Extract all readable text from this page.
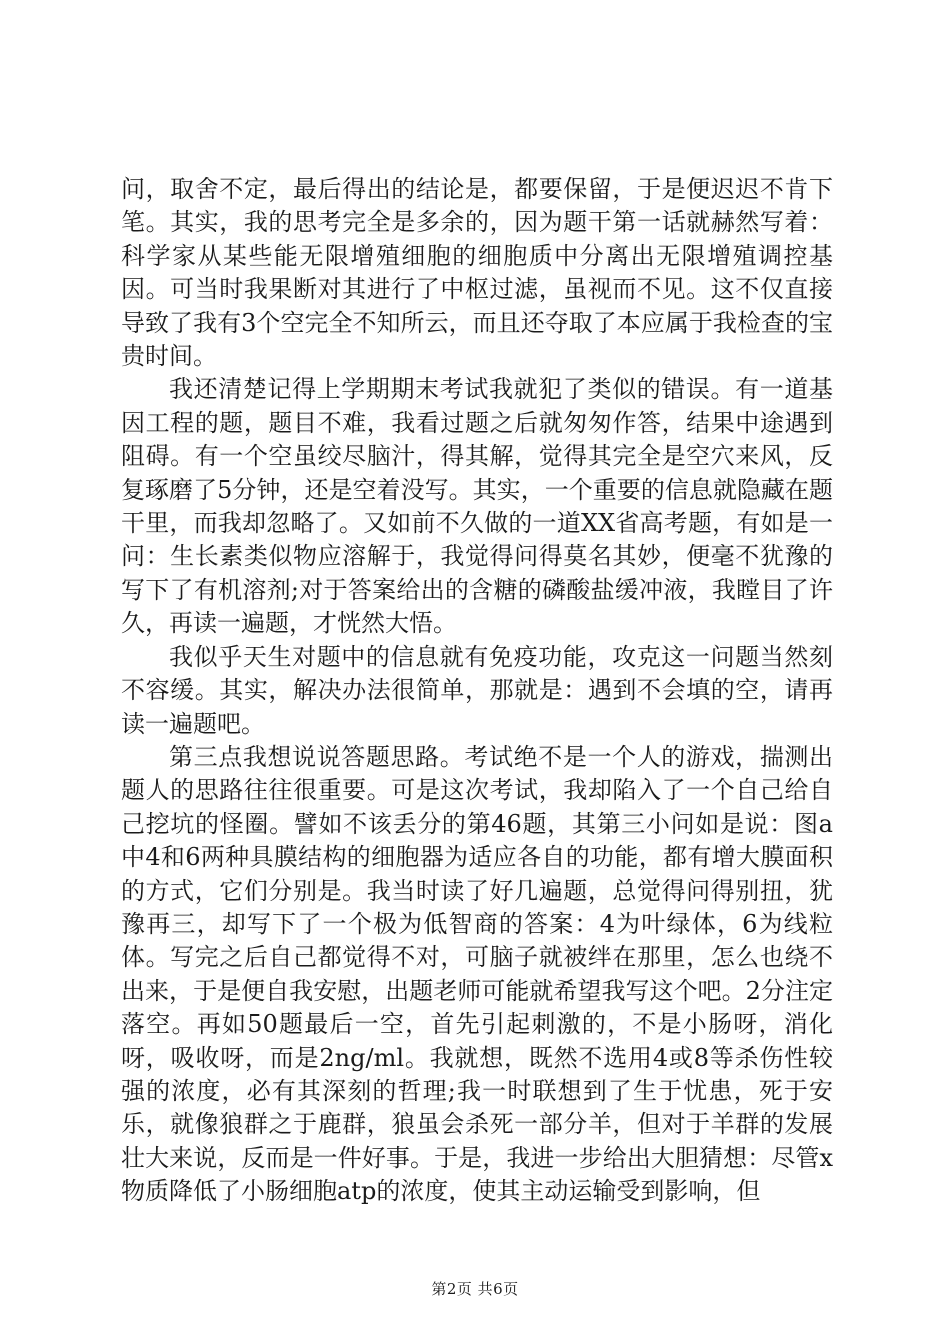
问，取舍不定，最后得出的结论是，都要保留，于是便迟迟不肯下笔。其实，我的思考完全是多余的，因为题干第一话就赫然写着：科学家从某些能无限增殖细胞的细胞质中分离出无限增殖调控基因。可当时我果断对其进行了中枢过滤，虽视而不见。这不仅直接导致了我有3个空完全不知所云，而且还夺取了本应属于我检查的宝贵时间。

我还清楚记得上学期期末考试我就犯了类似的错误。有一道基因工程的题，题目不难，我看过题之后就匆匆作答，结果中途遇到阻碍。有一个空虽绞尽脑汁，得其解，觉得其完全是空穴来风，反复琢磨了5分钟，还是空着没写。其实，一个重要的信息就隐藏在题干里，而我却忽略了。又如前不久做的一道XX省高考题，有如是一问：生长素类似物应溶解于，我觉得问得莫名其妙，便毫不犹豫的写下了有机溶剂;对于答案给出的含糖的磷酸盐缓冲液，我瞠目了许久，再读一遍题，才恍然大悟。

我似乎天生对题中的信息就有免疫功能，攻克这一问题当然刻不容缓。其实，解决办法很简单，那就是：遇到不会填的空，请再读一遍题吧。

第三点我想说说答题思路。考试绝不是一个人的游戏，揣测出题人的思路往往很重要。可是这次考试，我却陷入了一个自己给自己挖坑的怪圈。譬如不该丢分的第46题，其第三小问如是说：图a中4和6两种具膜结构的细胞器为适应各自的功能，都有增大膜面积的方式，它们分别是。我当时读了好几遍题，总觉得问得别扭，犹豫再三，却写下了一个极为低智商的答案：4为叶绿体，6为线粒体。写完之后自己都觉得不对，可脑子就被绊在那里，怎么也绕不出来，于是便自我安慰，出题老师可能就希望我写这个吧。2分注定落空。再如50题最后一空，首先引起刺激的，不是小肠呀，消化呀，吸收呀，而是2ng/ml。我就想，既然不选用4或8等杀伤性较强的浓度，必有其深刻的哲理;我一时联想到了生于忧患，死于安乐，就像狼群之于鹿群，狼虽会杀死一部分羊，但对于羊群的发展壮大来说，反而是一件好事。于是，我进一步给出大胆猜想：尽管x物质降低了小肠细胞atp的浓度，使其主动运输受到影响，但

第2页 共6页
